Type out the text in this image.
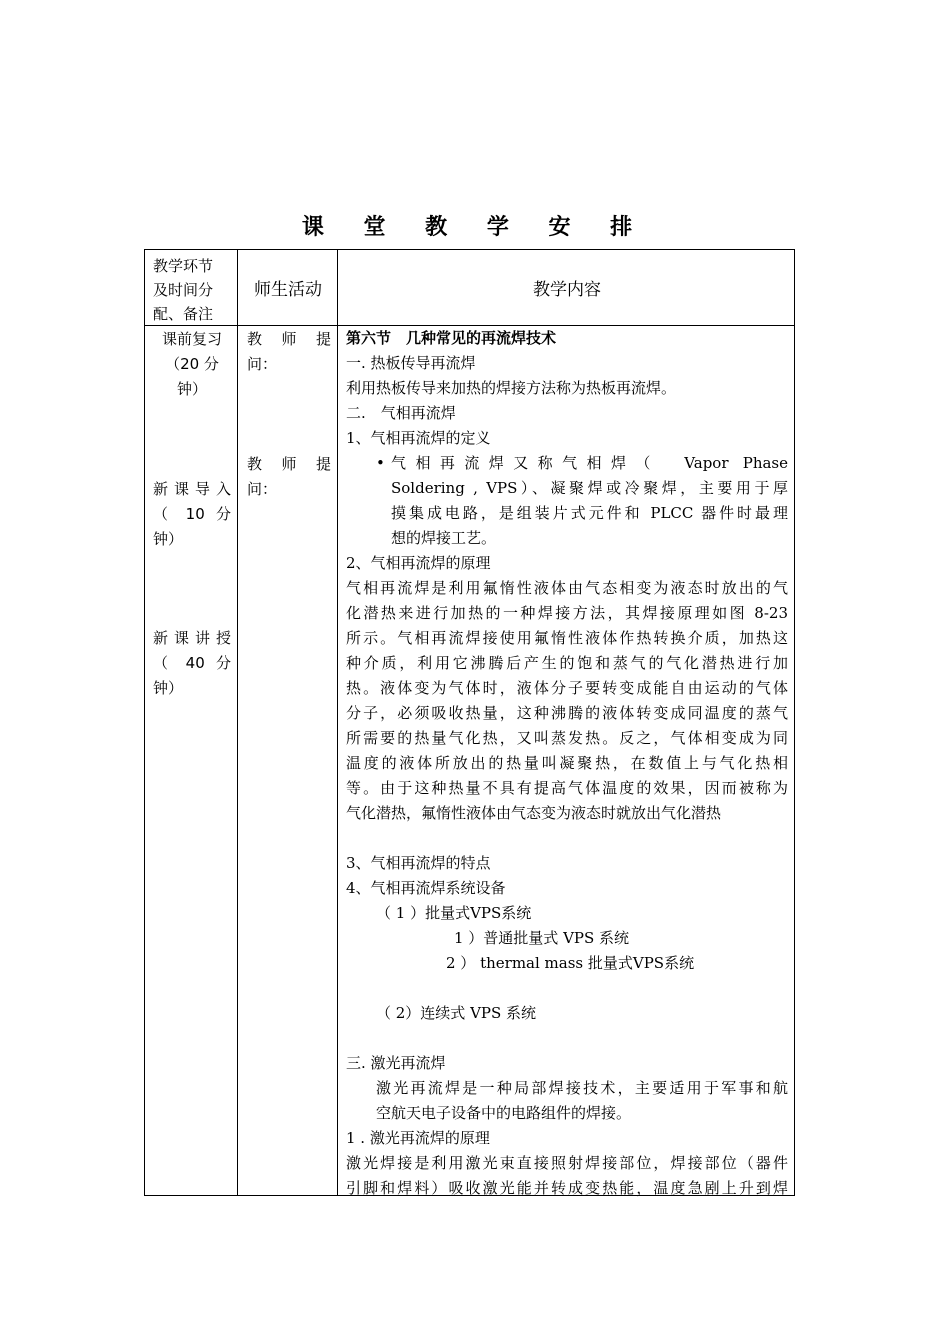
课 堂 教 学 安 排
教学环节
及时间分
配、备注
师生活动	教学内容
课前复习
（20 分
钟）
新课导入
（ 10 分
钟）
新课讲授
（ 40 分
钟）
教 师 提
问：
教 师 提
问：
第六节　几种常见的再流焊技术
一. 热板传导再流焊
利用热板传导来加热的焊接方法称为热板再流焊。
二.　气相再流焊
1、气相再流焊的定义
• 气相再流焊又称气相焊（　Vapor Phase
Soldering , VPS）、凝聚焊或冷聚焊，主要用于厚
摸集成电路，是组装片式元件和 PLCC 器件时最理
想的焊接工艺。
2、气相再流焊的原理
气相再流焊是利用氟惰性液体由气态相变为液态时放出的气
化潜热来进行加热的一种焊接方法，其焊接原理如图 8-23
所示。气相再流焊接使用氟惰性液体作热转换介质，加热这
种介质，利用它沸腾后产生的饱和蒸气的气化潜热进行加
热。液体变为气体时，液体分子要转变成能自由运动的气体
分子，必须吸收热量，这种沸腾的液体转变成同温度的蒸气
所需要的热量气化热，又叫蒸发热。反之，气体相变成为同
温度的液体所放出的热量叫凝聚热，在数值上与气化热相
等。由于这种热量不具有提高气体温度的效果，因而被称为
气化潜热，氟惰性液体由气态变为液态时就放出气化潜热
3、气相再流焊的特点
4、气相再流焊系统设备
（ 1 ）批量式VPS系统
1 ）普通批量式 VPS 系统
2 ） thermal mass 批量式VPS系统
（ 2）连续式 VPS 系统
三. 激光再流焊
激光再流焊是一种局部焊接技术，主要适用于军事和航
空航天电子设备中的电路组件的焊接。
1 . 激光再流焊的原理
激光焊接是利用激光束直接照射焊接部位，焊接部位（器件
引脚和焊料）吸收激光能并转成变热能，温度急剧上升到焊
